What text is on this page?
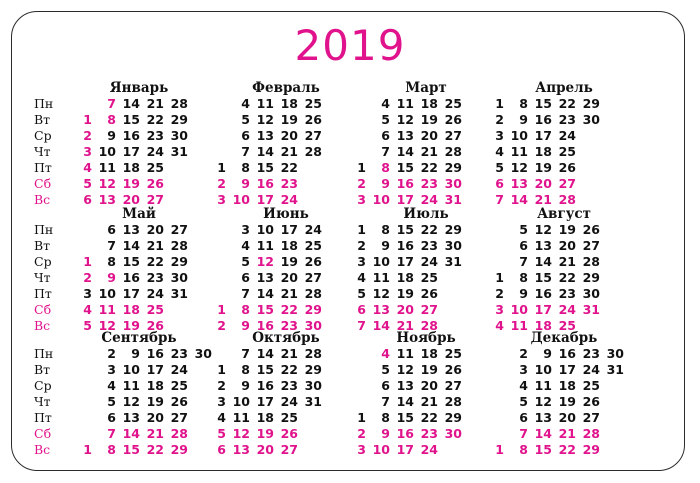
2019
Январь
Пн
Вт
Ср
Чт
Пт
Сб
Вс
1
2
3
4
5
6
7
8
9
10
11
12
13
14
15
16
17
18
19
20
21
22
23
24
25
26
27
28
29
30
31
Февраль
1
2
3
4
5
6
7
8
9
10
11
12
13
14
15
16
17
18
19
20
21
22
23
24
25
26
27
28
Март
1
2
3
4
5
6
7
8
9
10
11
12
13
14
15
16
17
18
19
20
21
22
23
24
25
26
27
28
29
30
31
Апрель
1
2
3
4
5
6
7
8
9
10
11
12
13
14
15
16
17
18
19
20
21
22
23
24
25
26
27
28
29
30
Май
Пн
Вт
Ср
Чт
Пт
Сб
Вс
1
2
3
4
5
6
7
8
9
10
11
12
13
14
15
16
17
18
19
20
21
22
23
24
25
26
27
28
29
30
31
Июнь
1
2
3
4
5
6
7
8
9
10
11
12
13
14
15
16
17
18
19
20
21
22
23
24
25
26
27
28
29
30
Июль
1
2
3
4
5
6
7
8
9
10
11
12
13
14
15
16
17
18
19
20
21
22
23
24
25
26
27
28
29
30
31
Август
1
2
3
4
5
6
7
8
9
10
11
12
13
14
15
16
17
18
19
20
21
22
23
24
25
26
27
28
29
30
31
Сентябрь
Пн
Вт
Ср
Чт
Пт
Сб
Вс	1
2
3
4
5
6
7
8
9
10
11
12
13
14
15
16
17
18
19
20
21
22
23
24
25
26
27
28
29
30
Октябрь
1
2
3
4
5
6
7
8
9
10
11
12
13
14
15
16
17
18
19
20
21
22
23
24
25
26
27
28
29
30
31
Ноябрь
1
2
3
4
5
6
7
8
9
10
11
12
13
14
15
16
17
18
19
20
21
22
23
24
25
26
27
28
29
30
Декабрь
1
2
3
4
5
6
7
8
9
10
11
12
13
14
15
16
17
18
19
20
21
22
23
24
25
26
27
28
29
30
31
